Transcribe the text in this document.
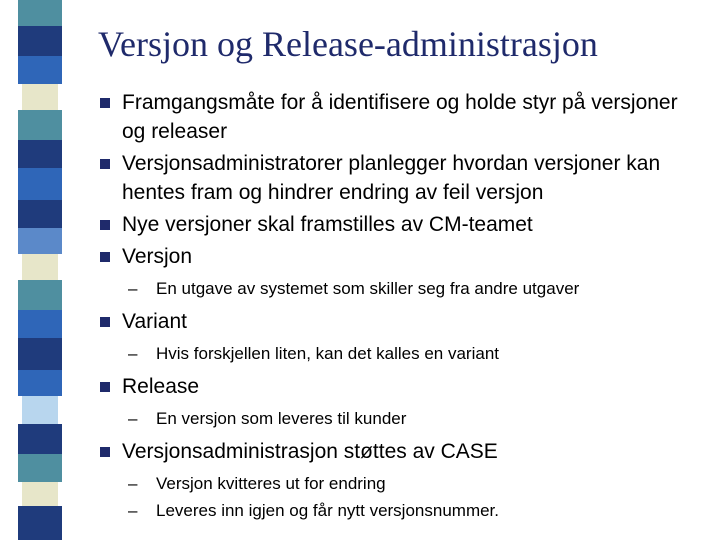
Versjon og Release-administrasjon
Framgangsmåte for å identifisere og holde styr på versjoner og releaser
Versjonsadministratorer planlegger hvordan versjoner kan hentes fram og hindrer endring av feil versjon
Nye versjoner skal framstilles av CM-teamet
Versjon
– En utgave av systemet som skiller seg fra andre utgaver
Variant
– Hvis forskjellen liten, kan det kalles en variant
Release
– En versjon som leveres til kunder
Versjonsadministrasjon støttes av CASE
– Versjon kvitteres ut for endring
– Leveres inn igjen og får nytt versjonsnummer.
